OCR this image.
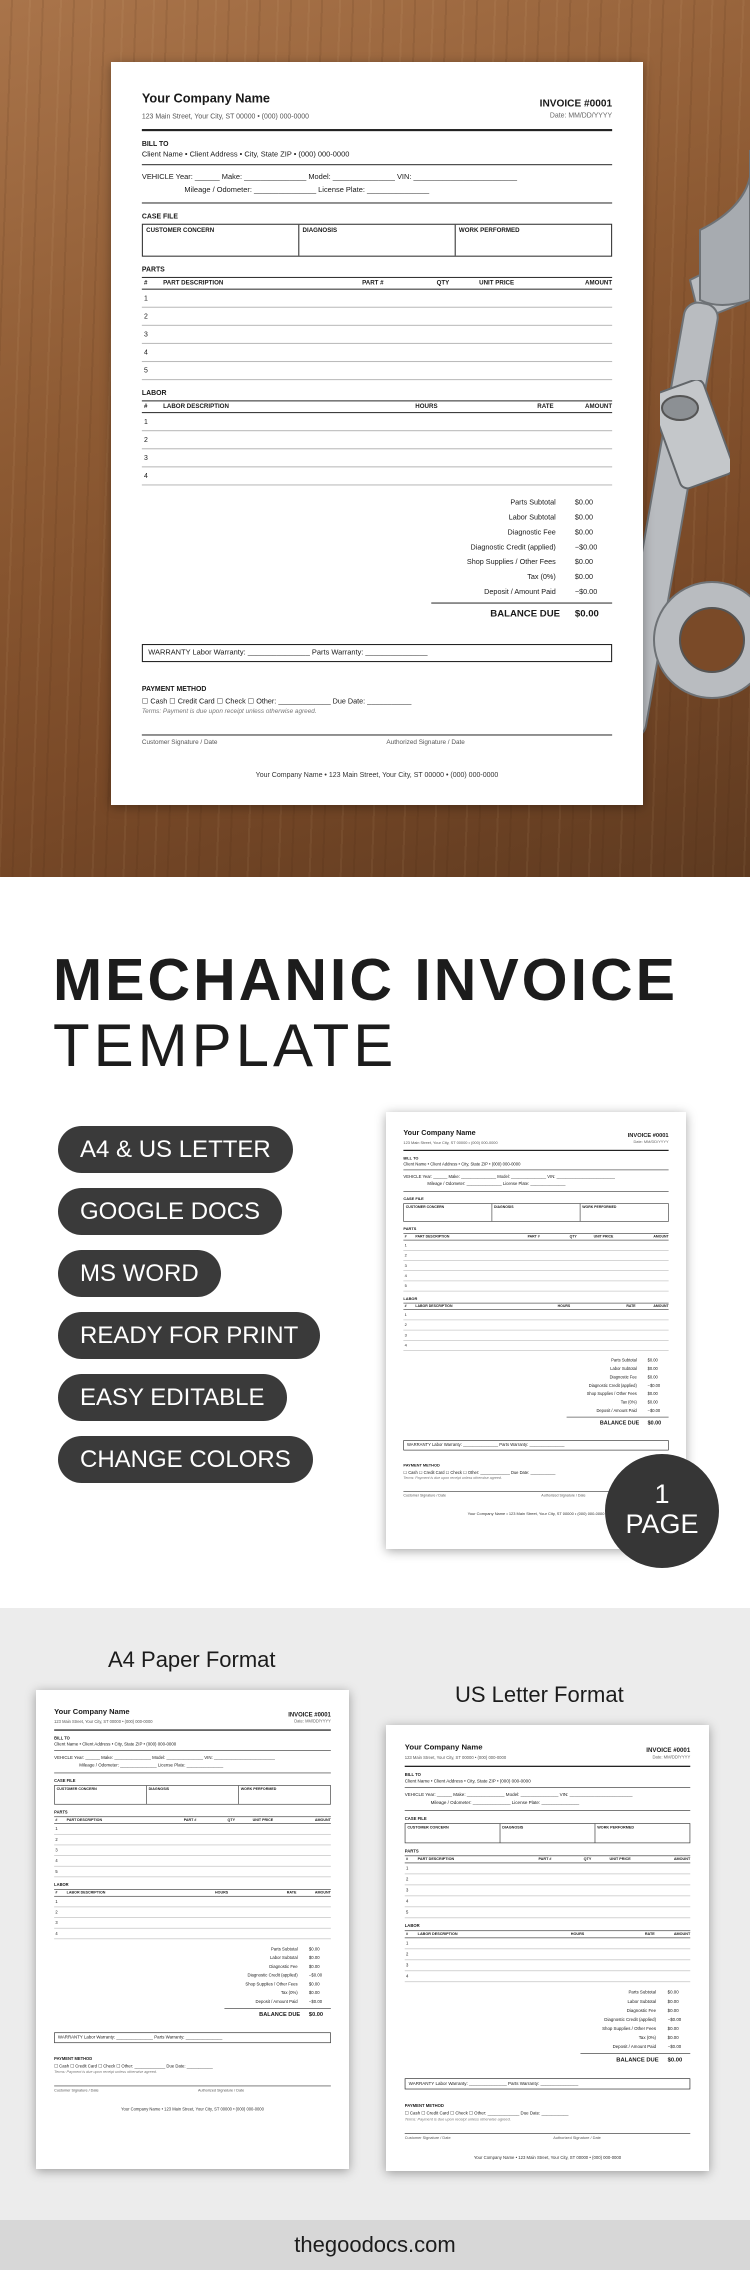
Your Company Name
123 Main Street, Your City, ST 00000 • (000) 000-0000
INVOICE #0001
Date: MM/DD/YYYY
BILL TO
Client Name • Client Address • City, State ZIP • (000) 000-0000
VEHICLE Year: ______ Make: _______________ Model: _______________ VIN: _________________________
Mileage / Odometer: _______________ License Plate: _______________
CASE FILE
CUSTOMER CONCERN	DIAGNOSIS	WORK PERFORMED
PARTS
#	PART DESCRIPTION	PART #	QTY	UNIT PRICE	AMOUNT
1
2
3
4
5
LABOR
#	LABOR DESCRIPTION	HOURS	RATE	AMOUNT
1
2
3
4
Parts Subtotal	$0.00
Labor Subtotal	$0.00
Diagnostic Fee	$0.00
Diagnostic Credit (applied)	−$0.00
Shop Supplies / Other Fees	$0.00
Tax (0%)	$0.00
Deposit / Amount Paid	−$0.00
BALANCE DUE	$0.00
WARRANTY Labor Warranty: _______________ Parts Warranty: _______________
PAYMENT METHOD
☐ Cash ☐ Credit Card ☐ Check ☐ Other: _____________ Due Date: ___________
Terms: Payment is due upon receipt unless otherwise agreed.
Customer Signature / Date	Authorized Signature / Date
Your Company Name • 123 Main Street, Your City, ST 00000 • (000) 000-0000
MECHANIC INVOICE
TEMPLATE
A4 & US LETTER
GOOGLE DOCS
MS WORD
READY FOR PRINT
EASY EDITABLE
CHANGE COLORS
Your Company Name
123 Main Street, Your City, ST 00000 • (000) 000-0000
INVOICE #0001
Date: MM/DD/YYYY
BILL TO
Client Name • Client Address • City, State ZIP • (000) 000-0000
VEHICLE Year: ______ Make: _______________ Model: _______________ VIN: _________________________
Mileage / Odometer: _______________ License Plate: _______________
CASE FILE
CUSTOMER CONCERN	DIAGNOSIS	WORK PERFORMED
PARTS
#	PART DESCRIPTION	PART #	QTY	UNIT PRICE	AMOUNT
1
2
3
4
5
LABOR
#	LABOR DESCRIPTION	HOURS	RATE	AMOUNT
1
2
3
4
Parts Subtotal	$0.00
Labor Subtotal	$0.00
Diagnostic Fee	$0.00
Diagnostic Credit (applied)	−$0.00
Shop Supplies / Other Fees	$0.00
Tax (0%)	$0.00
Deposit / Amount Paid	−$0.00
BALANCE DUE $0.00
WARRANTY Labor Warranty: _______________ Parts Warranty: _______________
PAYMENT METHOD
☐ Cash ☐ Credit Card ☐ Check ☐ Other: _____________ Due Date: ___________
Terms: Payment is due upon receipt unless otherwise agreed.
Customer Signature / Date	Authorized Signature / Date
Your Company Name • 123 Main Street, Your City, ST 00000 • (000) 000-0000
1
PAGE
A4 Paper Format
US Letter Format
Your Company Name
123 Main Street, Your City, ST 00000 • (000) 000-0000
INVOICE #0001
Date: MM/DD/YYYY
BILL TO
Client Name • Client Address • City, State ZIP • (000) 000-0000
VEHICLE Year: ______ Make: _______________ Model: _______________ VIN: _________________________
Mileage / Odometer: _______________ License Plate: _______________
CASE FILE
CUSTOMER CONCERN	DIAGNOSIS	WORK PERFORMED
PARTS
#	PART DESCRIPTION	PART #	QTY	UNIT PRICE	AMOUNT
1
2
3
4
5
LABOR
#	LABOR DESCRIPTION	HOURS	RATE	AMOUNT
1
2
3
4
Parts Subtotal	$0.00
Labor Subtotal	$0.00
Diagnostic Fee	$0.00
Diagnostic Credit (applied)	−$0.00
Shop Supplies / Other Fees	$0.00
Tax (0%)	$0.00
Deposit / Amount Paid	−$0.00
BALANCE DUE $0.00
WARRANTY Labor Warranty: _______________ Parts Warranty: _______________
PAYMENT METHOD
☐ Cash ☐ Credit Card ☐ Check ☐ Other: _____________ Due Date: ___________
Terms: Payment is due upon receipt unless otherwise agreed.
Customer Signature / Date	Authorized Signature / Date
Your Company Name • 123 Main Street, Your City, ST 00000 • (000) 000-0000
Your Company Name
123 Main Street, Your City, ST 00000 • (000) 000-0000
INVOICE #0001
Date: MM/DD/YYYY
BILL TO
Client Name • Client Address • City, State ZIP • (000) 000-0000
VEHICLE Year: ______ Make: _______________ Model: _______________ VIN: _________________________
Mileage / Odometer: _______________ License Plate: _______________
CASE FILE
CUSTOMER CONCERN	DIAGNOSIS	WORK PERFORMED
PARTS
#	PART DESCRIPTION	PART #	QTY	UNIT PRICE	AMOUNT
1
2
3
4
5
LABOR
#	LABOR DESCRIPTION	HOURS	RATE	AMOUNT
1
2
3
4
Parts Subtotal	$0.00
Labor Subtotal	$0.00
Diagnostic Fee	$0.00
Diagnostic Credit (applied)	−$0.00
Shop Supplies / Other Fees	$0.00
Tax (0%)	$0.00
Deposit / Amount Paid	−$0.00
BALANCE DUE	$0.00
WARRANTY Labor Warranty: _______________ Parts Warranty: _______________
PAYMENT METHOD
☐ Cash ☐ Credit Card ☐ Check ☐ Other: _____________ Due Date: ___________
Terms: Payment is due upon receipt unless otherwise agreed.
Customer Signature / Date	Authorized Signature / Date
Your Company Name • 123 Main Street, Your City, ST 00000 • (000) 000-0000
thegoodocs.com
